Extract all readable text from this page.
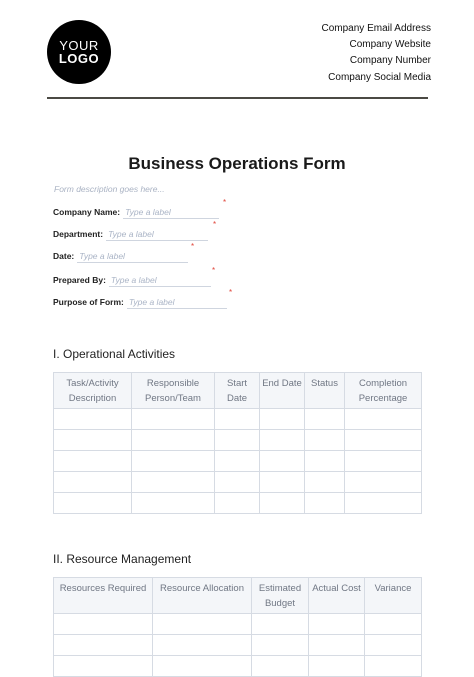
YOUR
LOGO
Company Email Address
Company Website
Company Number
Company Social Media
Business Operations Form
Form description goes here...
Company Name: Type a label
*
Department: Type a label
*
Date: Type a label
*
Prepared By: Type a label
*
Purpose of Form: Type a label
*
I. Operational Activities
Task/Activity Description	Responsible Person/Team	Start Date	End Date	Status	Completion Percentage

II. Resource Management
Resources Required	Resource Allocation	Estimated Budget	Actual Cost	Variance
